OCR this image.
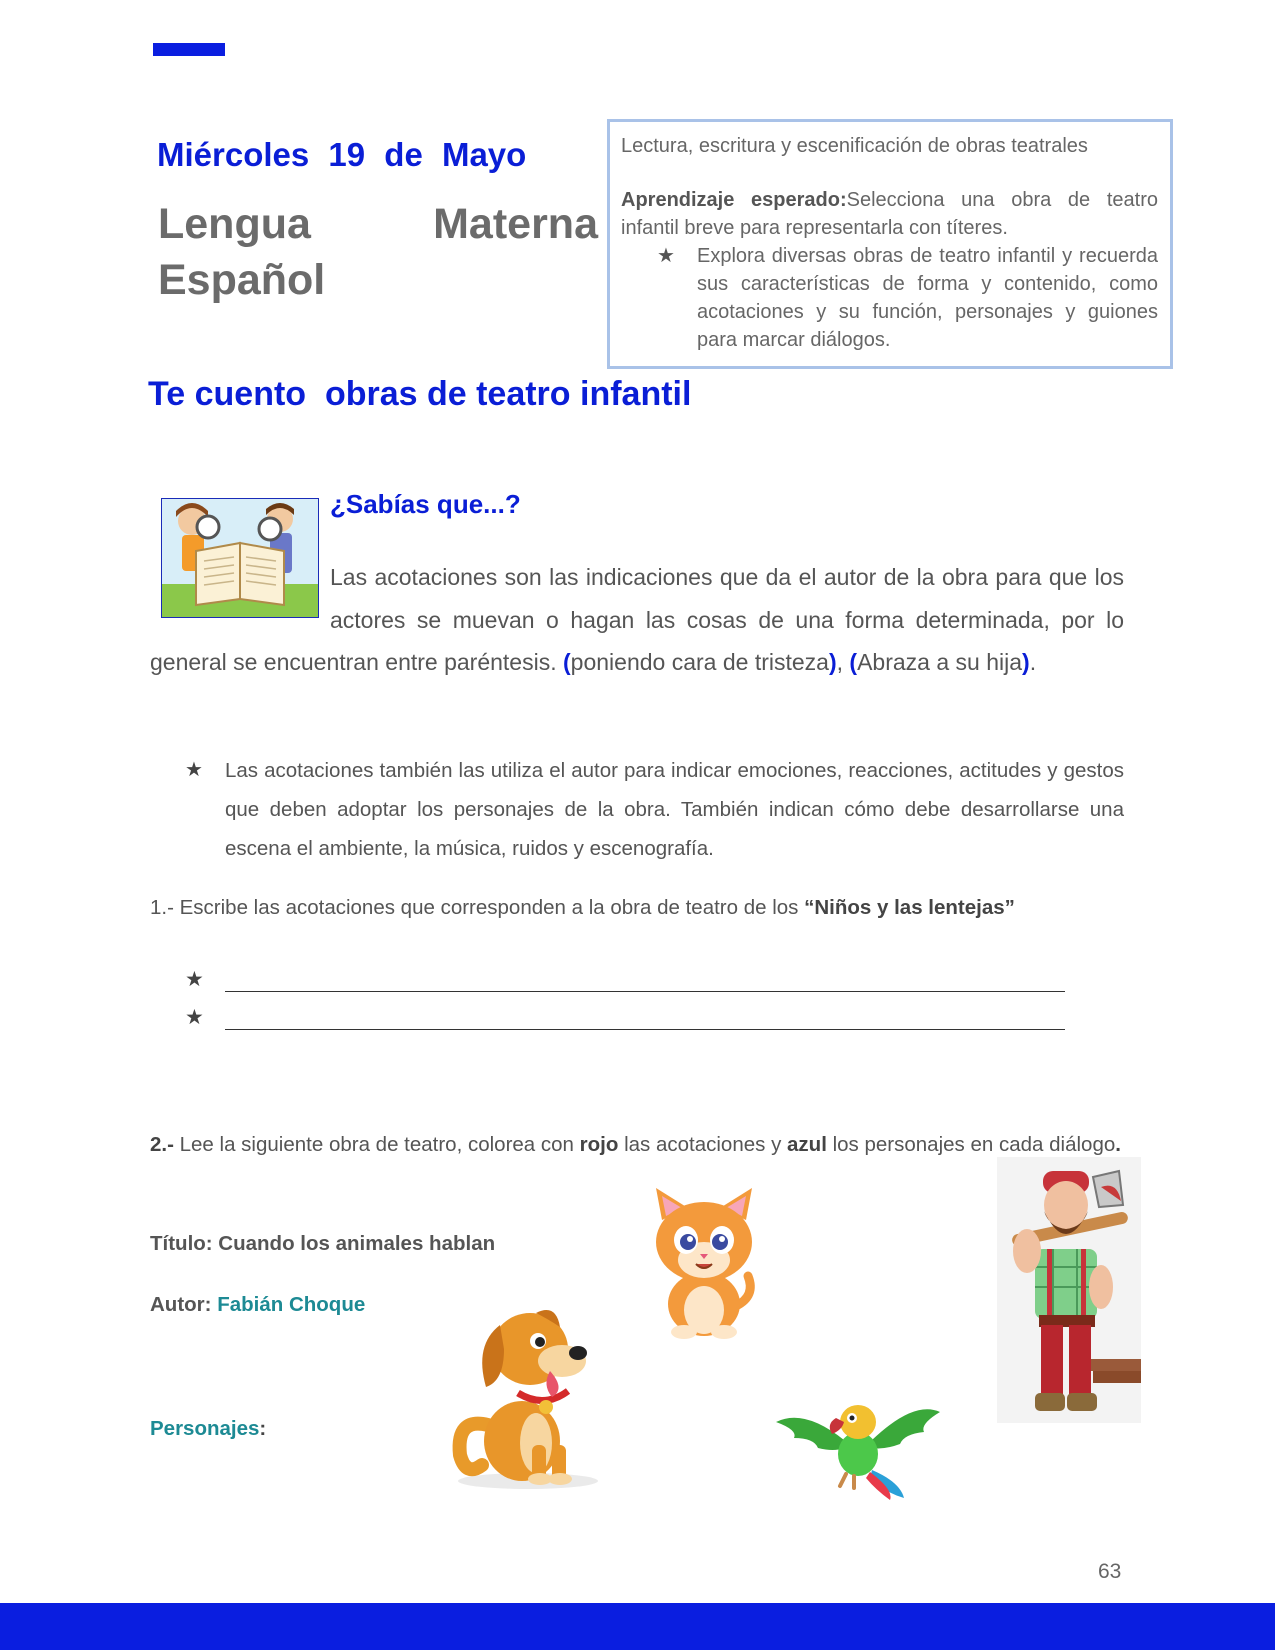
Miércoles 19 de Mayo
Lengua	Materna
Español
Lectura, escritura y escenificación de obras teatrales
Aprendizaje esperado:Selecciona una obra de teatro infantil breve para representarla con títeres.
★	Explora diversas obras de teatro infantil y recuerda sus características de forma y contenido, como acotaciones y su función, personajes y guiones para marcar diálogos.
Te cuento  obras de teatro infantil
¿Sabías que...?
Las acotaciones son las indicaciones que da el autor de la obra para que los actores se muevan o hagan las cosas de una forma determinada, por lo general se encuentran entre paréntesis. (poniendo cara de tristeza), (Abraza a su hija).
★	Las acotaciones también las utiliza el autor para indicar emociones, reacciones, actitudes y gestos que deben adoptar los personajes de la obra. También indican cómo debe desarrollarse una escena el ambiente, la música, ruidos y escenografía.
1.- Escribe las acotaciones que corresponden a la obra de teatro de los “Niños y las lentejas”
★
★
2.- Lee la siguiente obra de teatro, colorea con rojo las acotaciones y azul los personajes en cada diálogo.
Título: Cuando los animales hablan
Autor: Fabián Choque
Personajes:
63
